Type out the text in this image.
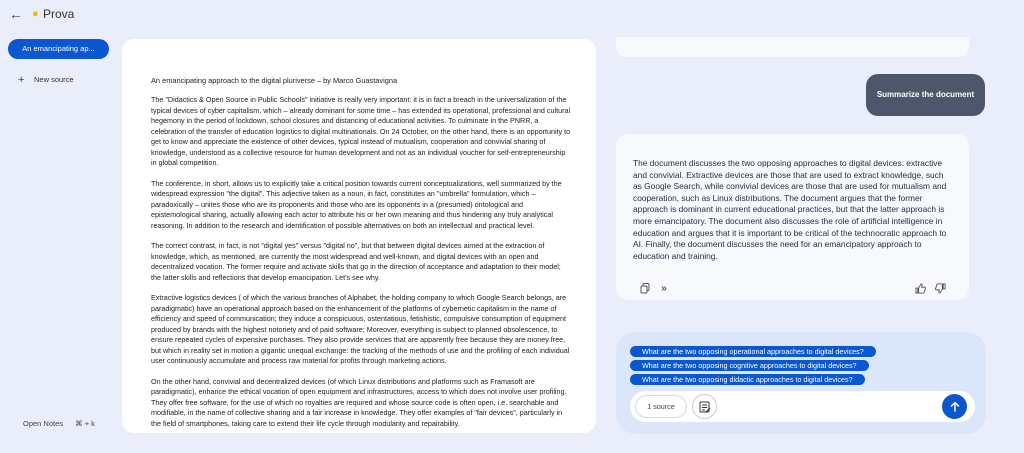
← ● Prova
An emancipating ap...
+	New source
Open Notes ⌘ + k
An emancipating approach to the digital pluriverse – by Marco Guastavigna

The "Didactics & Open Source in Public Schools" initiative is really very important: it is in fact a breach in the universalization of the typical devices of cyber capitalism, which – already dominant for some time – has extended its operational, professional and cultural hegemony in the period of lockdown, school closures and distancing of educational activities. To culminate in the PNRR, a celebration of the transfer of education logistics to digital multinationals. On 24 October, on the other hand, there is an opportunity to get to know and appreciate the existence of other devices, typical instead of mutualism, cooperation and convivial sharing of knowledge, understood as a collective resource for human development and not as an individual voucher for self-entrepreneurship in global competition.

The conference, in short, allows us to explicitly take a critical position towards current conceptualizations, well summarized by the widespread expression "the digital". This adjective taken as a noun, in fact, constitutes an "umbrella" formulation, which – paradoxically – unites those who are its proponents and those who are its opponents in a (presumed) ontological and epistemological sharing, actually allowing each actor to attribute his or her own meaning and thus hindering any truly analytical reasoning. In addition to the research and identification of possible alternatives on both an intellectual and practical level.

The correct contrast, in fact, is not "digital yes" versus "digital no", but that between digital devices aimed at the extraction of knowledge, which, as mentioned, are currently the most widespread and well-known, and digital devices with an open and decentralized vocation. The former require and activate skills that go in the direction of acceptance and adaptation to their model; the latter skills and reflections that develop emancipation. Let's see why.

Extractive logistics devices ( of which the various branches of Alphabet, the holding company to which Google Search belongs, are paradigmatic) have an operational approach based on the enhancement of the platforms of cybernetic capitalism in the name of efficiency and speed of communication; they induce a conspicuous, ostentatious, fetishistic, compulsive consumption of equipment produced by brands with the highest notoriety and of paid software; Moreover, everything is subject to planned obsolescence, to ensure repeated cycles of expensive purchases. They also provide services that are apparently free because they are money free, but which in reality set in motion a gigantic unequal exchange: the tracking of the methods of use and the profiling of each individual user continuously accumulate and process raw material for profits through marketing actions.

On the other hand, convivial and decentralized devices (of which Linux distributions and platforms such as Framasoft are paradigmatic), enhance the ethical vocation of open equipment and infrastructures, access to which does not involve user profiling. They offer free software, for the use of which no royalties are required and whose source code is often open, i.e. searchable and modifiable, in the name of collective sharing and a fair increase in knowledge. They offer examples of "fair devices", particularly in the field of smartphones, taking care to extend their life cycle through modularity and repairability.

Summarize the document
The document discusses the two opposing approaches to digital devices: extractive and convivial. Extractive devices are those that are used to extract knowledge, such as Google Search, while convivial devices are those that are used for mutualism and cooperation, such as Linux distributions. The document argues that the former approach is dominant in current educational practices, but that the latter approach is more emancipatory. The document also discusses the role of artificial intelligence in education and argues that it is important to be critical of the technocratic approach to AI. Finally, the document discusses the need for an emancipatory approach to education and training.
»
What are the two opposing operational approaches to digital devices?
What are the two opposing cognitive approaches to digital devices?
What are the two opposing didactic approaches to digital devices?
1 source
